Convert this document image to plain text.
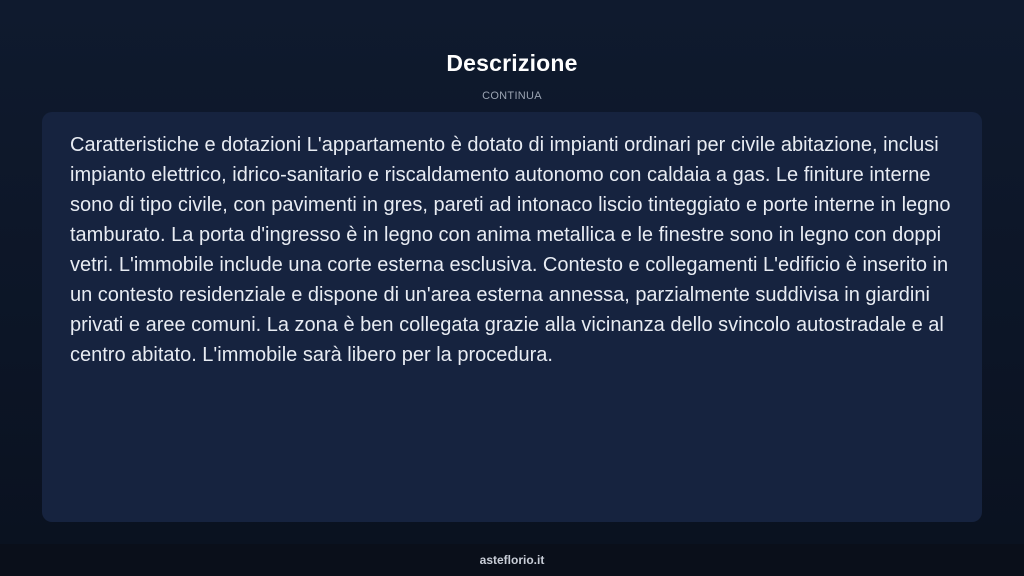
Descrizione
CONTINUA

Caratteristiche e dotazioni L'appartamento è dotato di impianti ordinari per civile abitazione, inclusi impianto elettrico, idrico-sanitario e riscaldamento autonomo con caldaia a gas. Le finiture interne sono di tipo civile, con pavimenti in gres, pareti ad intonaco liscio tinteggiato e porte interne in legno tamburato. La porta d'ingresso è in legno con anima metallica e le finestre sono in legno con doppi vetri. L'immobile include una corte esterna esclusiva. Contesto e collegamenti L'edificio è inserito in un contesto residenziale e dispone di un'area esterna annessa, parzialmente suddivisa in giardini privati e aree comuni. La zona è ben collegata grazie alla vicinanza dello svincolo autostradale e al centro abitato. L'immobile sarà libero per la procedura.

asteflorio.it
